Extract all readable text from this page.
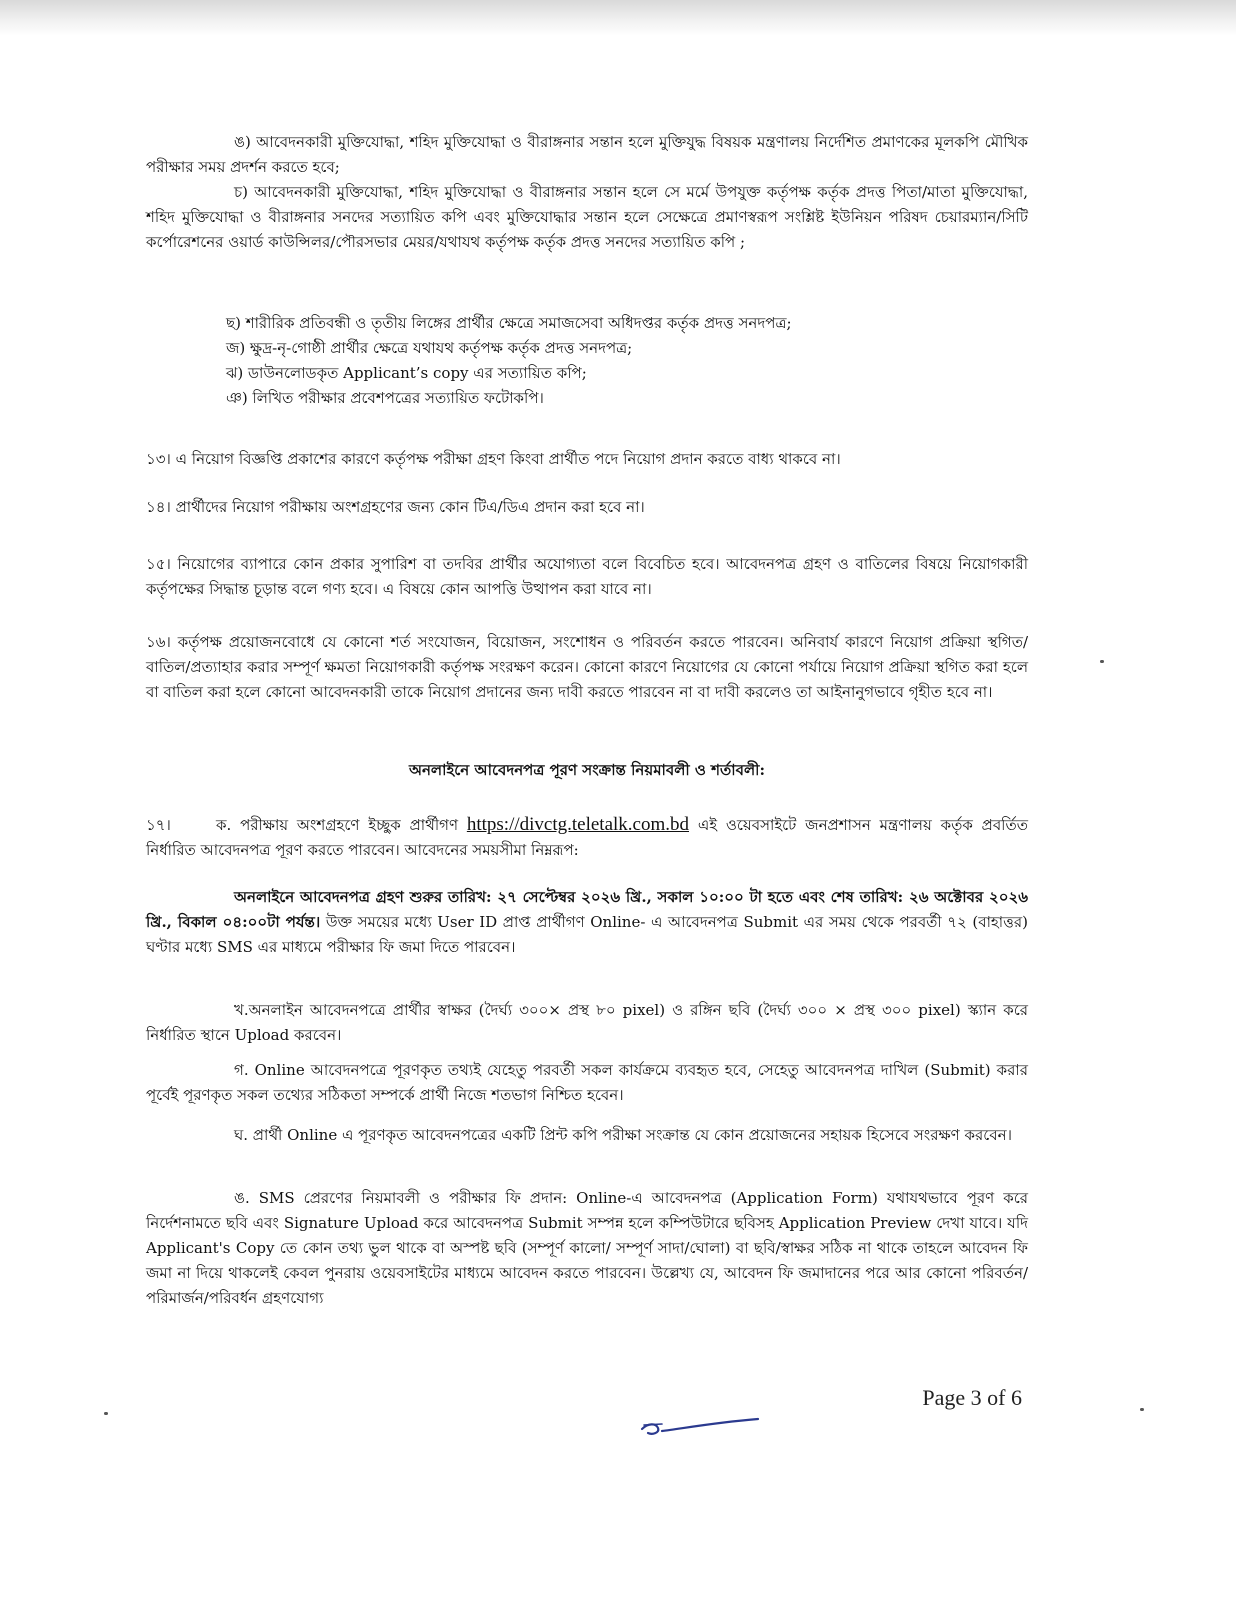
ঙ) আবেদনকারী মুক্তিযোদ্ধা, শহিদ মুক্তিযোদ্ধা ও বীরাঙ্গনার সন্তান হলে মুক্তিযুদ্ধ বিষয়ক মন্ত্রণালয় নির্দেশিত প্রমাণকের মূলকপি মৌখিক পরীক্ষার সময় প্রদর্শন করতে হবে;
চ) আবেদনকারী মুক্তিযোদ্ধা, শহিদ মুক্তিযোদ্ধা ও বীরাঙ্গনার সন্তান হলে সে মর্মে উপযুক্ত কর্তৃপক্ষ কর্তৃক প্রদত্ত পিতা/মাতা মুক্তিযোদ্ধা, শহিদ মুক্তিযোদ্ধা ও বীরাঙ্গনার সনদের সত্যায়িত কপি এবং মুক্তিযোদ্ধার সন্তান হলে সেক্ষেত্রে প্রমাণস্বরূপ সংশ্লিষ্ট ইউনিয়ন পরিষদ চেয়ারম্যান/সিটি কর্পোরেশনের ওয়ার্ড কাউন্সিলর/পৌরসভার মেয়র/যথাযথ কর্তৃপক্ষ কর্তৃক প্রদত্ত সনদের সত্যায়িত কপি ;
ছ) শারীরিক প্রতিবন্ধী ও তৃতীয় লিঙ্গের প্রার্থীর ক্ষেত্রে সমাজসেবা অধিদপ্তর কর্তৃক প্রদত্ত সনদপত্র;
জ) ক্ষুদ্র-নৃ-গোষ্ঠী প্রার্থীর ক্ষেত্রে যথাযথ কর্তৃপক্ষ কর্তৃক প্রদত্ত সনদপত্র;
ঝ) ডাউনলোডকৃত Applicant’s copy এর সত্যায়িত কপি;
ঞ) লিখিত পরীক্ষার প্রবেশপত্রের সত্যায়িত ফটোকপি।
১৩। এ নিয়োগ বিজ্ঞপ্তি প্রকাশের কারণে কর্তৃপক্ষ পরীক্ষা গ্রহণ কিংবা প্রার্থীত পদে নিয়োগ প্রদান করতে বাধ্য থাকবে না।
১৪। প্রার্থীদের নিয়োগ পরীক্ষায় অংশগ্রহণের জন্য কোন টিএ/ডিএ প্রদান করা হবে না।
১৫। নিয়োগের ব্যাপারে কোন প্রকার সুপারিশ বা তদবির প্রার্থীর অযোগ্যতা বলে বিবেচিত হবে। আবেদনপত্র গ্রহণ ও বাতিলের বিষয়ে নিয়োগকারী কর্তৃপক্ষের সিদ্ধান্ত চূড়ান্ত বলে গণ্য হবে। এ বিষয়ে কোন আপত্তি উত্থাপন করা যাবে না।
১৬। কর্তৃপক্ষ প্রয়োজনবোধে যে কোনো শর্ত সংযোজন, বিয়োজন, সংশোধন ও পরিবর্তন করতে পারবেন। অনিবার্য কারণে নিয়োগ প্রক্রিয়া স্থগিত/বাতিল/প্রত্যাহার করার সম্পূর্ণ ক্ষমতা নিয়োগকারী কর্তৃপক্ষ সংরক্ষণ করেন। কোনো কারণে নিয়োগের যে কোনো পর্যায়ে নিয়োগ প্রক্রিয়া স্থগিত করা হলে বা বাতিল করা হলে কোনো আবেদনকারী তাকে নিয়োগ প্রদানের জন্য দাবী করতে পারবেন না বা দাবী করলেও তা আইনানুগভাবে গৃহীত হবে না।
অনলাইনে আবেদনপত্র পূরণ সংক্রান্ত নিয়মাবলী ও শর্তাবলী:
১৭।	ক. পরীক্ষায় অংশগ্রহণে ইচ্ছুক প্রার্থীগণ https://divctg.teletalk.com.bd এই ওয়েবসাইটে জনপ্রশাসন মন্ত্রণালয় কর্তৃক প্রবর্তিত নির্ধারিত আবেদনপত্র পূরণ করতে পারবেন। আবেদনের সময়সীমা নিম্নরূপ:
অনলাইনে আবেদনপত্র গ্রহণ শুরুর তারিখ: ২৭ সেপ্টেম্বর ২০২৬ খ্রি., সকাল ১০:০০ টা হতে এবং শেষ তারিখ: ২৬ অক্টোবর ২০২৬ খ্রি., বিকাল ০৪:০০টা পর্যন্ত। উক্ত সময়ের মধ্যে User ID প্রাপ্ত প্রার্থীগণ Online- এ আবেদনপত্র Submit এর সময় থেকে পরবর্তী ৭২ (বাহাত্তর) ঘণ্টার মধ্যে SMS এর মাধ্যমে পরীক্ষার ফি জমা দিতে পারবেন।
খ.অনলাইন আবেদনপত্রে প্রার্থীর স্বাক্ষর (দৈর্ঘ্য ৩০০× প্রস্থ ৮০ pixel) ও রঙ্গিন ছবি (দৈর্ঘ্য ৩০০ × প্রস্থ ৩০০ pixel) স্ক্যান করে নির্ধারিত স্থানে Upload করবেন।
গ. Online আবেদনপত্রে পূরণকৃত তথ্যই যেহেতু পরবর্তী সকল কার্যক্রমে ব্যবহৃত হবে, সেহেতু আবেদনপত্র দাখিল (Submit) করার পূর্বেই পূরণকৃত সকল তথ্যের সঠিকতা সম্পর্কে প্রার্থী নিজে শতভাগ নিশ্চিত হবেন।
ঘ. প্রার্থী Online এ পূরণকৃত আবেদনপত্রের একটি প্রিন্ট কপি পরীক্ষা সংক্রান্ত যে কোন প্রয়োজনের সহায়ক হিসেবে সংরক্ষণ করবেন।
ঙ. SMS প্রেরণের নিয়মাবলী ও পরীক্ষার ফি প্রদান: Online-এ আবেদনপত্র (Application Form) যথাযথভাবে পূরণ করে নির্দেশনামতে ছবি এবং Signature Upload করে আবেদনপত্র Submit সম্পন্ন হলে কম্পিউটারে ছবিসহ Application Preview দেখা যাবে। যদি Applicant's Copy তে কোন তথ্য ভুল থাকে বা অস্পষ্ট ছবি (সম্পূর্ণ কালো/ সম্পূর্ণ সাদা/ঘোলা) বা ছবি/স্বাক্ষর সঠিক না থাকে তাহলে আবেদন ফি জমা না দিয়ে থাকলেই কেবল পুনরায় ওয়েবসাইটের মাধ্যমে আবেদন করতে পারবেন। উল্লেখ্য যে, আবেদন ফি জমাদানের পরে আর কোনো পরিবর্তন/পরিমার্জন/পরিবর্ধন গ্রহণযোগ্য
Page 3 of 6
